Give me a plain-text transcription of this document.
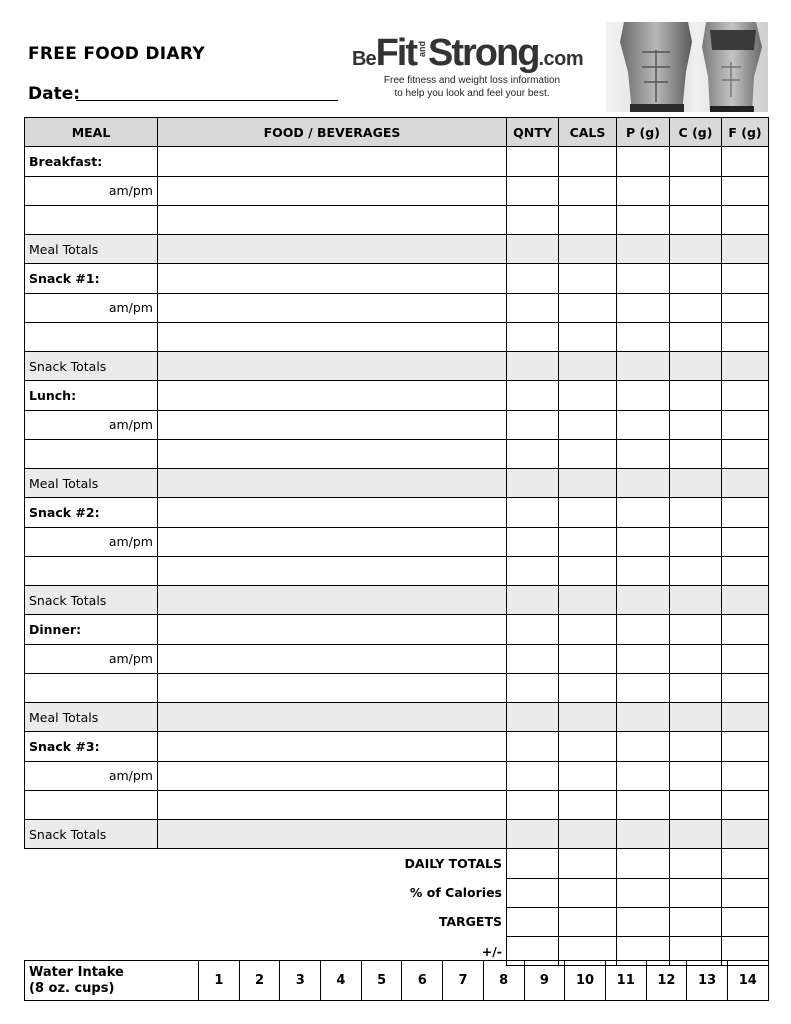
FREE FOOD DIARY
Date:
BeFitandStrong.com
Free fitness and weight loss information
to help you look and feel your best.
MEAL	FOOD / BEVERAGES	QNTY	CALS	P (g)	C (g)	F (g)
Breakfast:						
am/pm						

Meal Totals						
Snack #1:						
am/pm						

Snack Totals						
Lunch:						
am/pm						

Meal Totals						
Snack #2:						
am/pm						

Snack Totals						
Dinner:						
am/pm						

Meal Totals						
Snack #3:						
am/pm						

Snack Totals						
DAILY TOTALS						
% of Calories						
TARGETS						
+/-						
Water Intake
(8 oz. cups)	1	2	3	4	5	6	7	8	9	10	11	12	13	14
